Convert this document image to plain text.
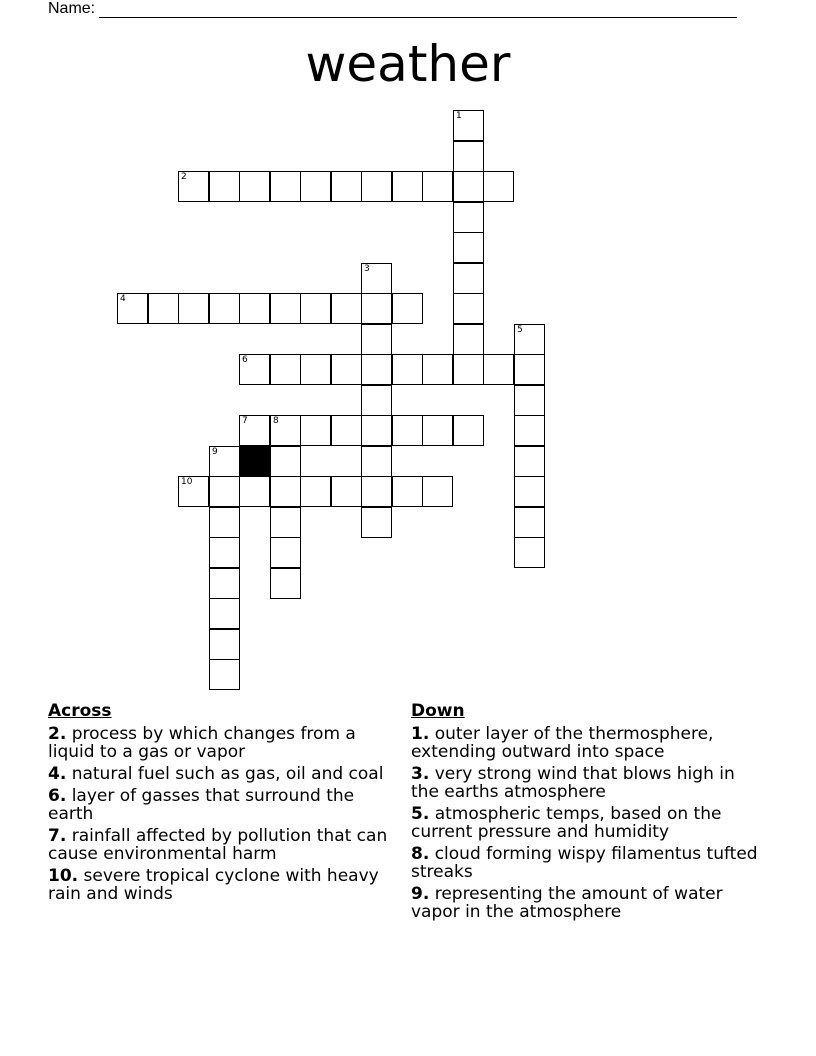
Name:
weather
1
2
3
4
5
6
7	8
9
10
Across
2. process by which changes from a liquid to a gas or vapor
4. natural fuel such as gas, oil and coal
6. layer of gasses that surround the earth
7. rainfall affected by pollution that can cause environmental harm
10. severe tropical cyclone with heavy rain and winds
Down
1. outer layer of the thermosphere, extending outward into space
3. very strong wind that blows high in the earths atmosphere
5. atmospheric temps, based on the current pressure and humidity
8. cloud forming wispy filamentus tufted streaks
9. representing the amount of water vapor in the atmosphere
